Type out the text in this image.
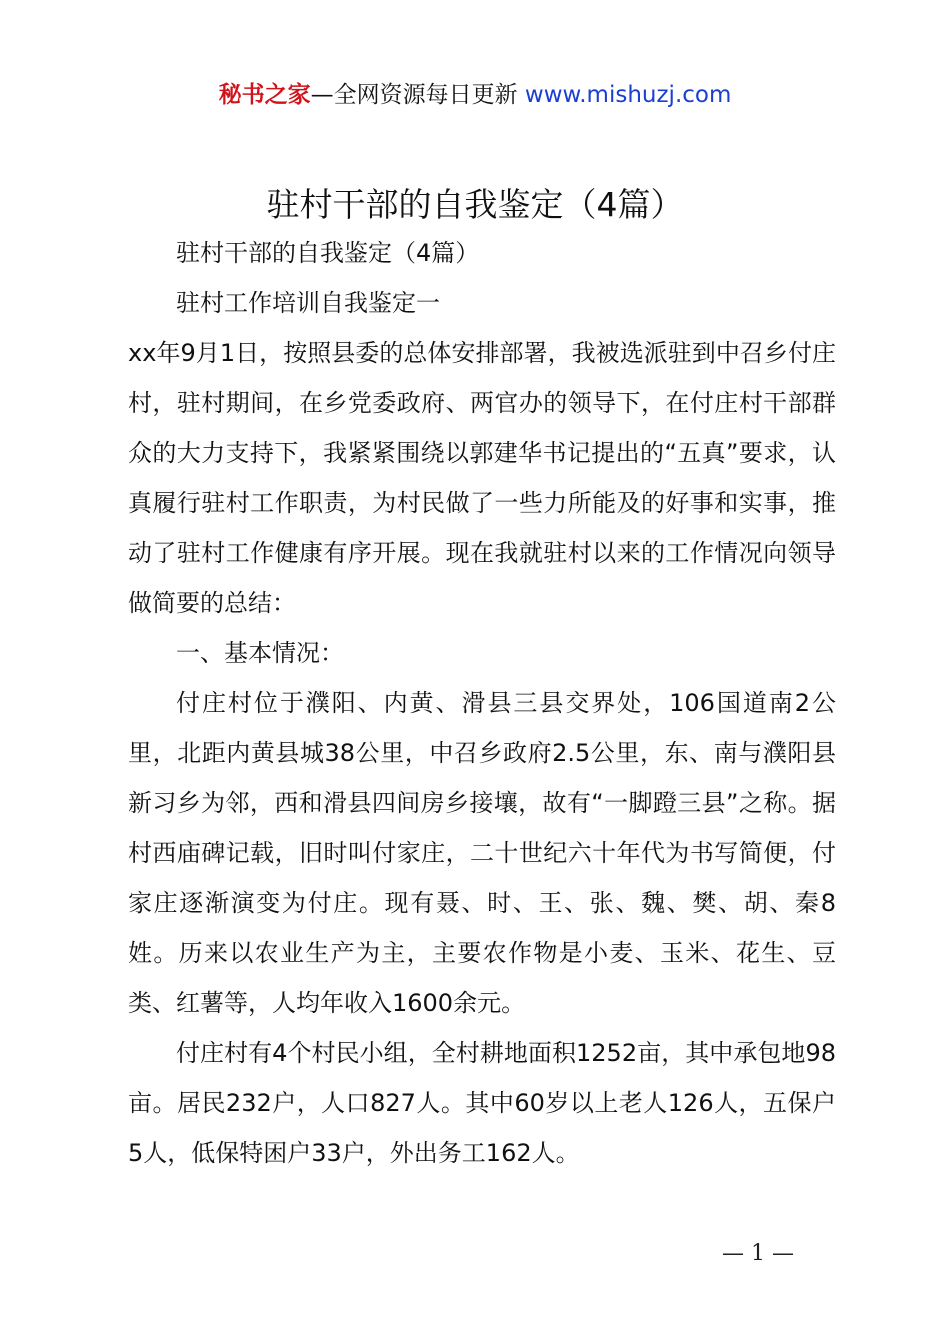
秘书之家—全网资源每日更新 www.mishuzj.com
驻村干部的自我鉴定（4篇）

驻村干部的自我鉴定（4篇）

驻村工作培训自我鉴定一

xx年9月1日，按照县委的总体安排部署，我被选派驻到中召乡付庄村，驻村期间，在乡党委政府、两官办的领导下，在付庄村干部群众的大力支持下，我紧紧围绕以郭建华书记提出的“五真”要求，认真履行驻村工作职责，为村民做了一些力所能及的好事和实事，推动了驻村工作健康有序开展。现在我就驻村以来的工作情况向领导做简要的总结：

一、基本情况：

付庄村位于濮阳、内黄、滑县三县交界处，106国道南2公里，北距内黄县城38公里，中召乡政府2.5公里，东、南与濮阳县新习乡为邻，西和滑县四间房乡接壤，故有“一脚蹬三县”之称。据村西庙碑记载，旧时叫付家庄，二十世纪六十年代为书写简便，付家庄逐渐演变为付庄。现有聂、时、王、张、魏、樊、胡、秦8姓。历来以农业生产为主，主要农作物是小麦、玉米、花生、豆类、红薯等，人均年收入1600余元。

付庄村有4个村民小组，全村耕地面积1252亩，其中承包地98亩。居民232户，人口827人。其中60岁以上老人126人，五保户5人，低保特困户33户，外出务工162人。

— 1 —
